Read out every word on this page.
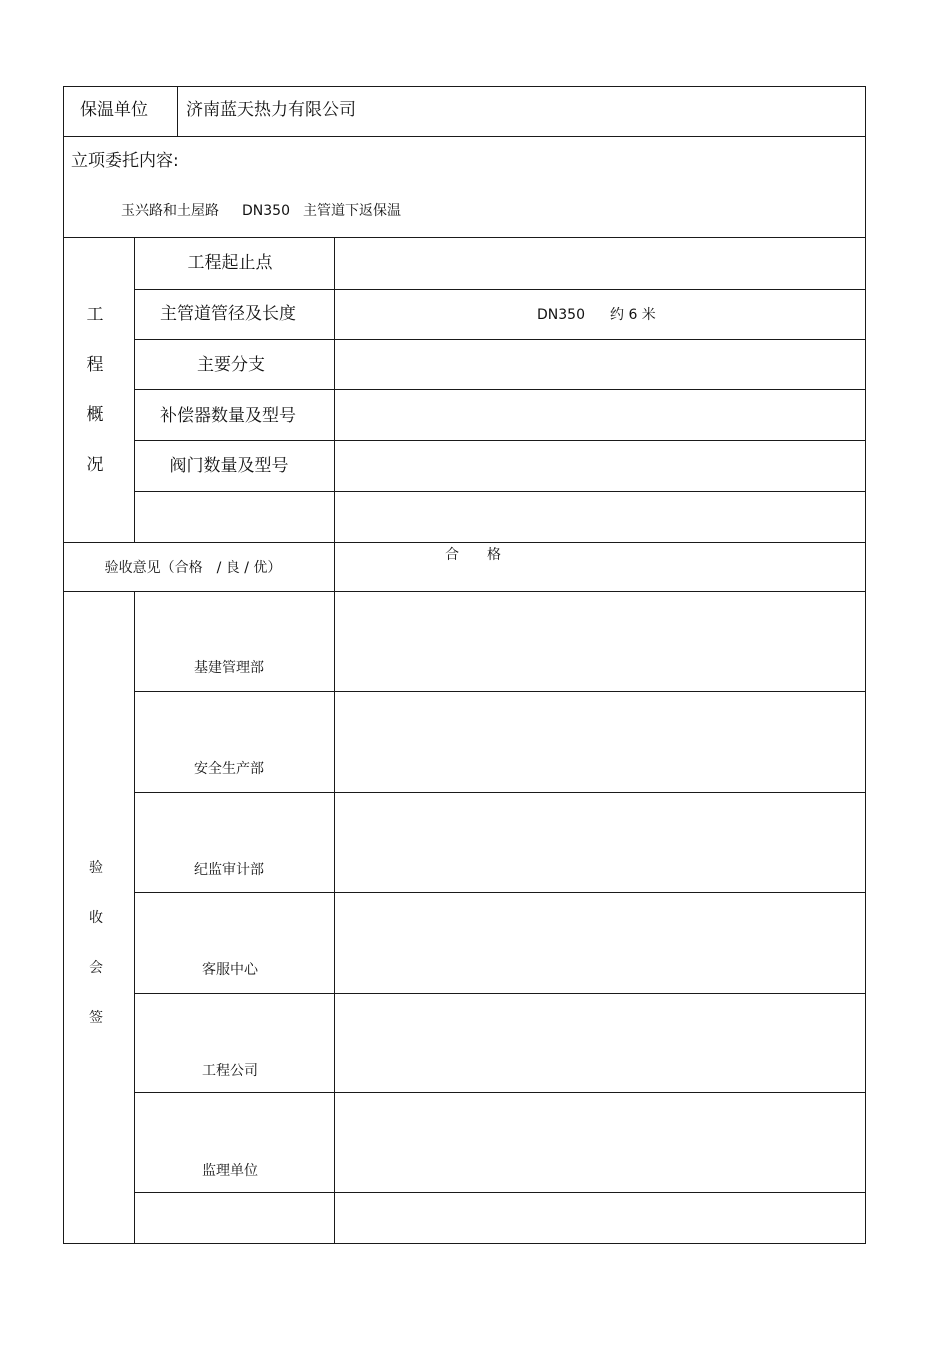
保温单位 济南蓝天热力有限公司
立项委托内容:
玉兴路和土屋路 DN350 主管道下返保温
工
程
概
况
工程起止点
主管道管径及长度	DN350 约 6 米
主要分支
补偿器数量及型号
阀门数量及型号
验收意见（合格　/ 良 / 优）
合 格
验
收
会
签
基建管理部
安全生产部
纪监审计部
客服中心
工程公司
监理单位
